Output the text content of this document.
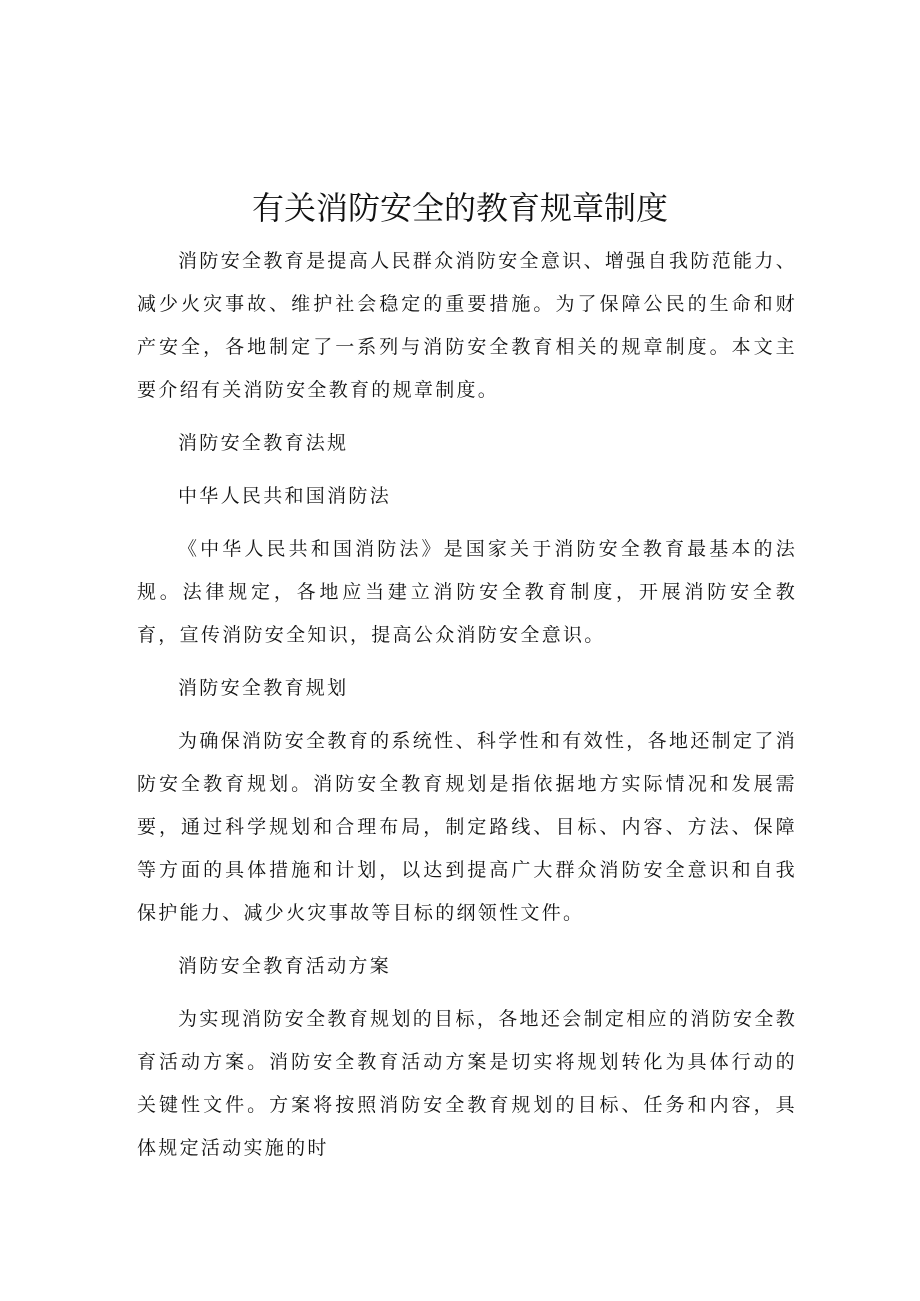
有关消防安全的教育规章制度

消防安全教育是提高人民群众消防安全意识、增强自我防范能力、减少火灾事故、维护社会稳定的重要措施。为了保障公民的生命和财产安全，各地制定了一系列与消防安全教育相关的规章制度。本文主要介绍有关消防安全教育的规章制度。

消防安全教育法规

中华人民共和国消防法

《中华人民共和国消防法》是国家关于消防安全教育最基本的法规。法律规定，各地应当建立消防安全教育制度，开展消防安全教育，宣传消防安全知识，提高公众消防安全意识。

消防安全教育规划

为确保消防安全教育的系统性、科学性和有效性，各地还制定了消防安全教育规划。消防安全教育规划是指依据地方实际情况和发展需要，通过科学规划和合理布局，制定路线、目标、内容、方法、保障等方面的具体措施和计划，以达到提高广大群众消防安全意识和自我保护能力、减少火灾事故等目标的纲领性文件。

消防安全教育活动方案

为实现消防安全教育规划的目标，各地还会制定相应的消防安全教育活动方案。消防安全教育活动方案是切实将规划转化为具体行动的关键性文件。方案将按照消防安全教育规划的目标、任务和内容，具体规定活动实施的时
